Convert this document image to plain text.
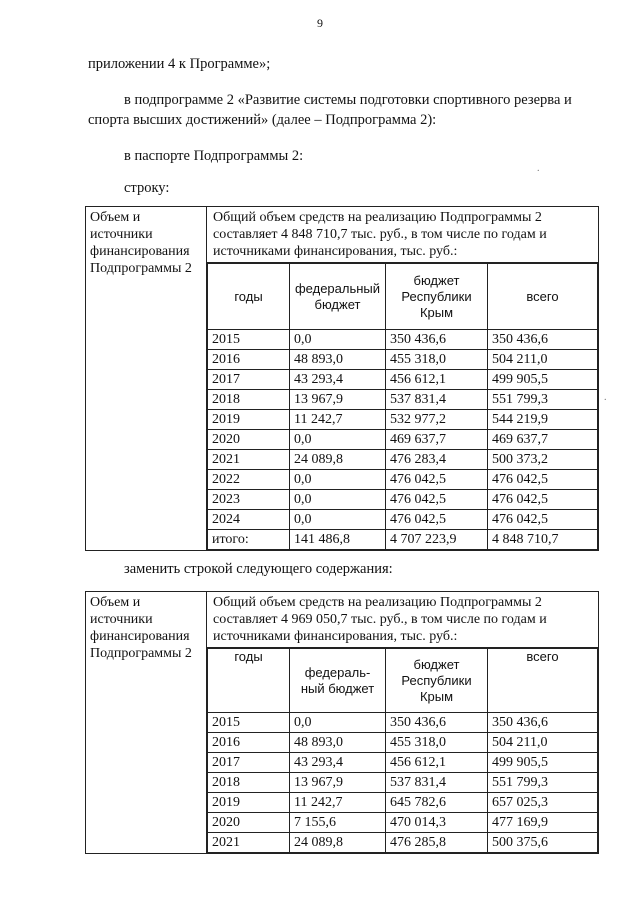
9
приложении 4 к Программе»;
в подпрограмме 2 «Развитие системы подготовки спортивного резерва и
спорта высших достижений» (далее – Подпрограмма 2):
в паспорте Подпрограммы 2:
строку:
Объем и
источники
финансирования
Подпрограммы 2

Общий объем средств на реализацию Подпрограммы 2
составляет 4 848 710,7 тыс. руб., в том числе по годам и
источниками финансирования, тыс. руб.:

годы	федеральный бюджет	бюджет Республики Крым	всего
2015	0,0	350 436,6	350 436,6
2016	48 893,0	455 318,0	504 211,0
2017	43 293,4	456 612,1	499 905,5
2018	13 967,9	537 831,4	551 799,3
2019	11 242,7	532 977,2	544 219,9
2020	0,0	469 637,7	469 637,7
2021	24 089,8	476 283,4	500 373,2
2022	0,0	476 042,5	476 042,5
2023	0,0	476 042,5	476 042,5
2024	0,0	476 042,5	476 042,5
итого:	141 486,8	4 707 223,9	4 848 710,7
заменить строкой следующего содержания:
Объем и
источники
финансирования
Подпрограммы 2

Общий объем средств на реализацию Подпрограммы 2
составляет 4 969 050,7 тыс. руб., в том числе по годам и
источниками финансирования, тыс. руб.:

годы	федераль-ный бюджет	бюджет Республики Крым	всего
2015	0,0	350 436,6	350 436,6
2016	48 893,0	455 318,0	504 211,0
2017	43 293,4	456 612,1	499 905,5
2018	13 967,9	537 831,4	551 799,3
2019	11 242,7	645 782,6	657 025,3
2020	7 155,6	470 014,3	477 169,9
2021	24 089,8	476 285,8	500 375,6
.
.
